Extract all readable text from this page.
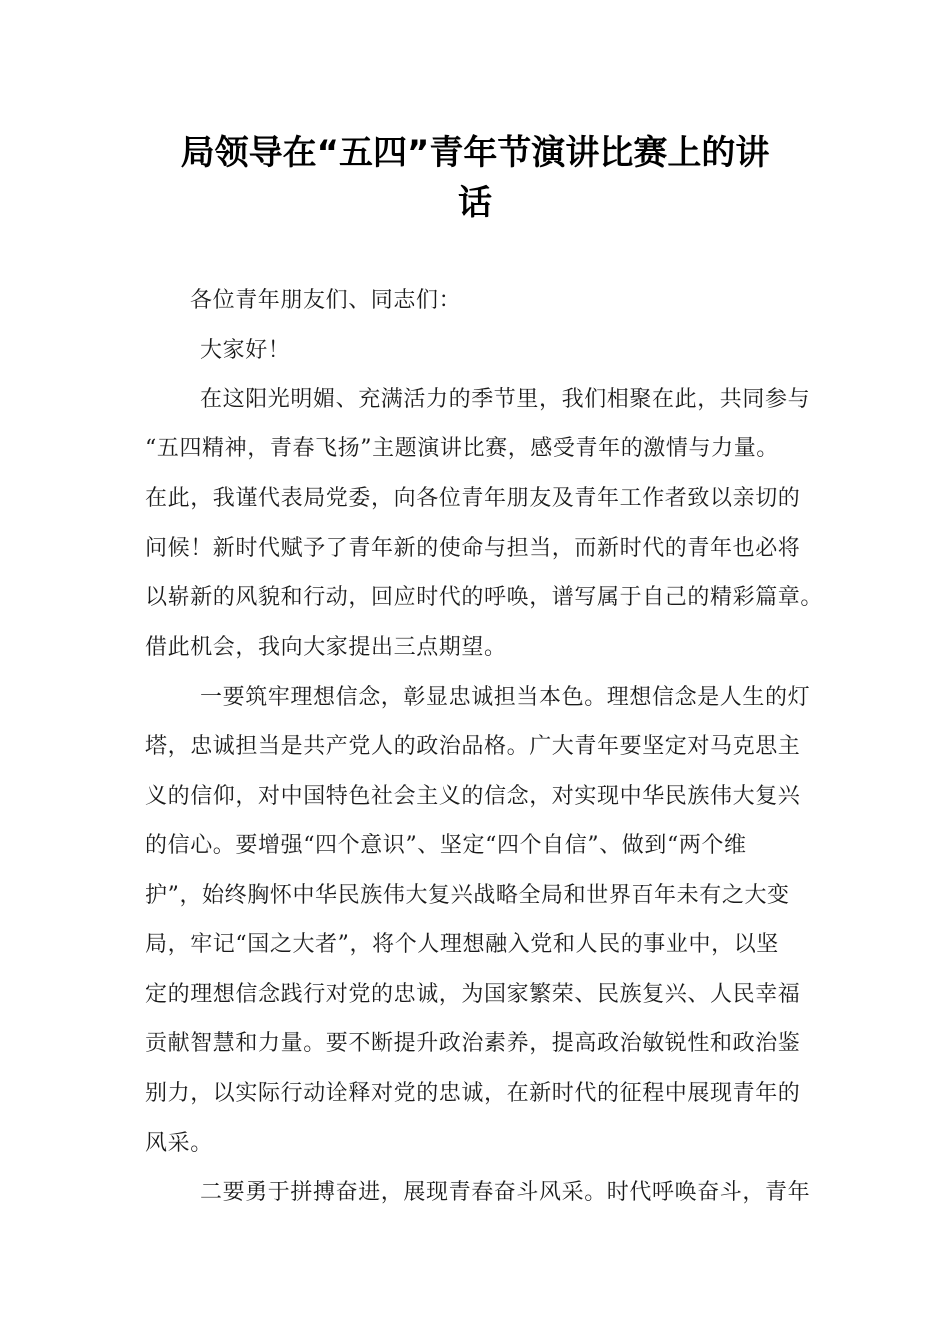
局领导在“五四”青年节演讲比赛上的讲
话
各位青年朋友们、同志们：
大家好！
在这阳光明媚、充满活力的季节里，我们相聚在此，共同参与
“五四精神，青春飞扬”主题演讲比赛，感受青年的激情与力量。
在此，我谨代表局党委，向各位青年朋友及青年工作者致以亲切的
问候！新时代赋予了青年新的使命与担当，而新时代的青年也必将
以崭新的风貌和行动，回应时代的呼唤，谱写属于自己的精彩篇章。
借此机会，我向大家提出三点期望。
一要筑牢理想信念，彰显忠诚担当本色。理想信念是人生的灯
塔，忠诚担当是共产党人的政治品格。广大青年要坚定对马克思主
义的信仰，对中国特色社会主义的信念，对实现中华民族伟大复兴
的信心。要增强“四个意识”、坚定“四个自信”、做到“两个维
护”，始终胸怀中华民族伟大复兴战略全局和世界百年未有之大变
局，牢记“国之大者”，将个人理想融入党和人民的事业中，以坚
定的理想信念践行对党的忠诚，为国家繁荣、民族复兴、人民幸福
贡献智慧和力量。要不断提升政治素养，提高政治敏锐性和政治鉴
别力，以实际行动诠释对党的忠诚，在新时代的征程中展现青年的
风采。
二要勇于拼搏奋进，展现青春奋斗风采。时代呼唤奋斗，青年
